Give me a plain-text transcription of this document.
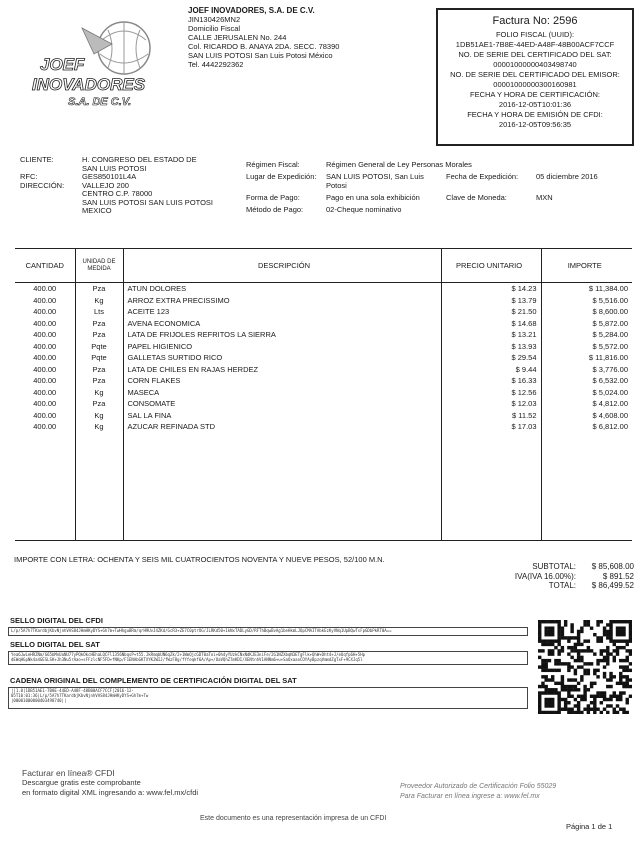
JOEF
INOVADORES
S.A. DE C.V.
JOEF INOVADORES, S.A. DE C.V.
JIN130426MN2
Domicilio Fiscal
CALLE JERUSALEN No. 244
Col. RICARDO B. ANAYA 2DA. SECC. 78390
SAN LUIS POTOSI San Luis Potosi México
Tel. 4442292362
Factura No: 2596
FOLIO FISCAL (UUID):
1DB51AE1-7B8E-44ED-A48F-48B00ACF7CCF
NO. DE SERIE DEL CERTIFICADO DEL SAT:
00001000000403498740
NO. DE SERIE DEL CERTIFICADO DEL EMISOR:
00001000000300160981
FECHA Y HORA DE CERTIFICACIÓN:
2016-12-05T10:01:36
FECHA Y HORA DE EMISIÓN DE CFDI:
2016-12-05T09:56:35
CLIENTE:	H. CONGRESO DEL ESTADO DE
SAN LUIS POTOSI
RFC:	GES850101L4A
DIRECCIÓN:	VALLEJO 200
CENTRO C.P. 78000
SAN LUIS POTOSI SAN LUIS POTOSI
MEXICO
Régimen Fiscal:	Régimen General de Ley Personas Morales
Lugar de Expedición:	SAN LUIS POTOSI, San Luis Potosi
Fecha de Expedición:	05 diciembre 2016
Forma de Pago:	Pago en una sola exhibición	Clave de Moneda:	MXN
Método de Pago:	02-Cheque nominativo
CANTIDAD	UNIDAD DE MEDIDA	DESCRIPCIÓN	PRECIO UNITARIO	IMPORTE
400.00	Pza	ATUN DOLORES	$ 14.23	$ 11,384.00
400.00	Kg	ARROZ EXTRA PRECISSIMO	$ 13.79	$ 5,516.00
400.00	Lts	ACEITE 123	$ 21.50	$ 8,600.00
400.00	Pza	AVENA ECONOMICA	$ 14.68	$ 5,872.00
400.00	Pza	LATA DE FRIJOLES REFRITOS LA SIERRA	$ 13.21	$ 5,284.00
400.00	Pqte	PAPEL HIGIENICO	$ 13.93	$ 5,572.00
400.00	Pqte	GALLETAS SURTIDO RICO	$ 29.54	$ 11,816.00
400.00	Pza	LATA DE CHILES EN RAJAS HERDEZ	$ 9.44	$ 3,776.00
400.00	Pza	CORN FLAKES	$ 16.33	$ 6,532.00
400.00	Kg	MASECA	$ 12.56	$ 5,024.00
400.00	Pza	CONSOMATE	$ 12.03	$ 4,812.00
400.00	Kg	SAL LA FINA	$ 11.52	$ 4,608.00
400.00	Kg	AZUCAR REFINADA STD	$ 17.03	$ 6,812.00

IMPORTE CON LETRA: OCHENTA Y SEIS MIL CUATROCIENTOS NOVENTA Y NUEVE PESOS, 52/100 M.N.
SUBTOTAL:	$ 85,608.00
IVA(IVA 16.00%):	$ 891.52
TOTAL:	$ 86,499.52
SELLO DIGITAL DEL CFDI
L/p/5A7h7TKardbjKbvNjnhVAS84JHmHKyDYS+Gh7m+TwHhguBRm/qrH9UvJ4ZKd/GcR3+ZE7C0ptrOG/JLRKd50+1kNxTADLyGD/RFThBqwBvAg1beHkmLJOpCMAITAbkEzKyVNq1UpBQwTsFpGDbPkRT0A==
SELLO DIGITAL DEL SAT
Yea6JwLeHRZNm/G65bMnUaNU77yPQkOkcHEhaLQCFl1356NbqsP+t55.JkRmqbUN6qZk/2+1WmQjcGDT0aToi+0h4yYUzkCNxNdKJE3niFe/2G1NZXbqN3ETgFlk+QhW+Dht4+J/eUqfp6H+5Hp
dEWqHGpNk4a4GESLSK+Jh3Nu5rAao+sFFzlcNF5FD+fNKp/F1ENAbGKTXYK2WIJ/fWzF8g/fYfeqkf6A/Ap+/OaVQhZ7mKDI/XENtnhV1ANNm6+u+SaOxaaoCOYAyBpzqVmmdZgTxF+9CXJq5l
CADENA ORIGINAL DEL COMPLEMENTO DE CERTIFICACIÓN DIGITAL DEL SAT
||1.0|1DB51AE1-7B8E-44ED-A48F-48B00ACF7CCF|2016-12-
05T10:01:36|L/p/5A7h7TKardbjKbvNjnhVAS84JHmHKyDYS+Gh7m+Tw
|00001000000403498740||
Facturar en línea® CFDI
Descargue gratis este comprobante
en formato digital XML ingresando a: www.fel.mx/cfdi
Proveedor Autorizado de Certificación Folio 55029
Para Facturar en línea ingrese a: www.fel.mx
Este documento es una representación impresa de un CFDI
Página 1 de 1
